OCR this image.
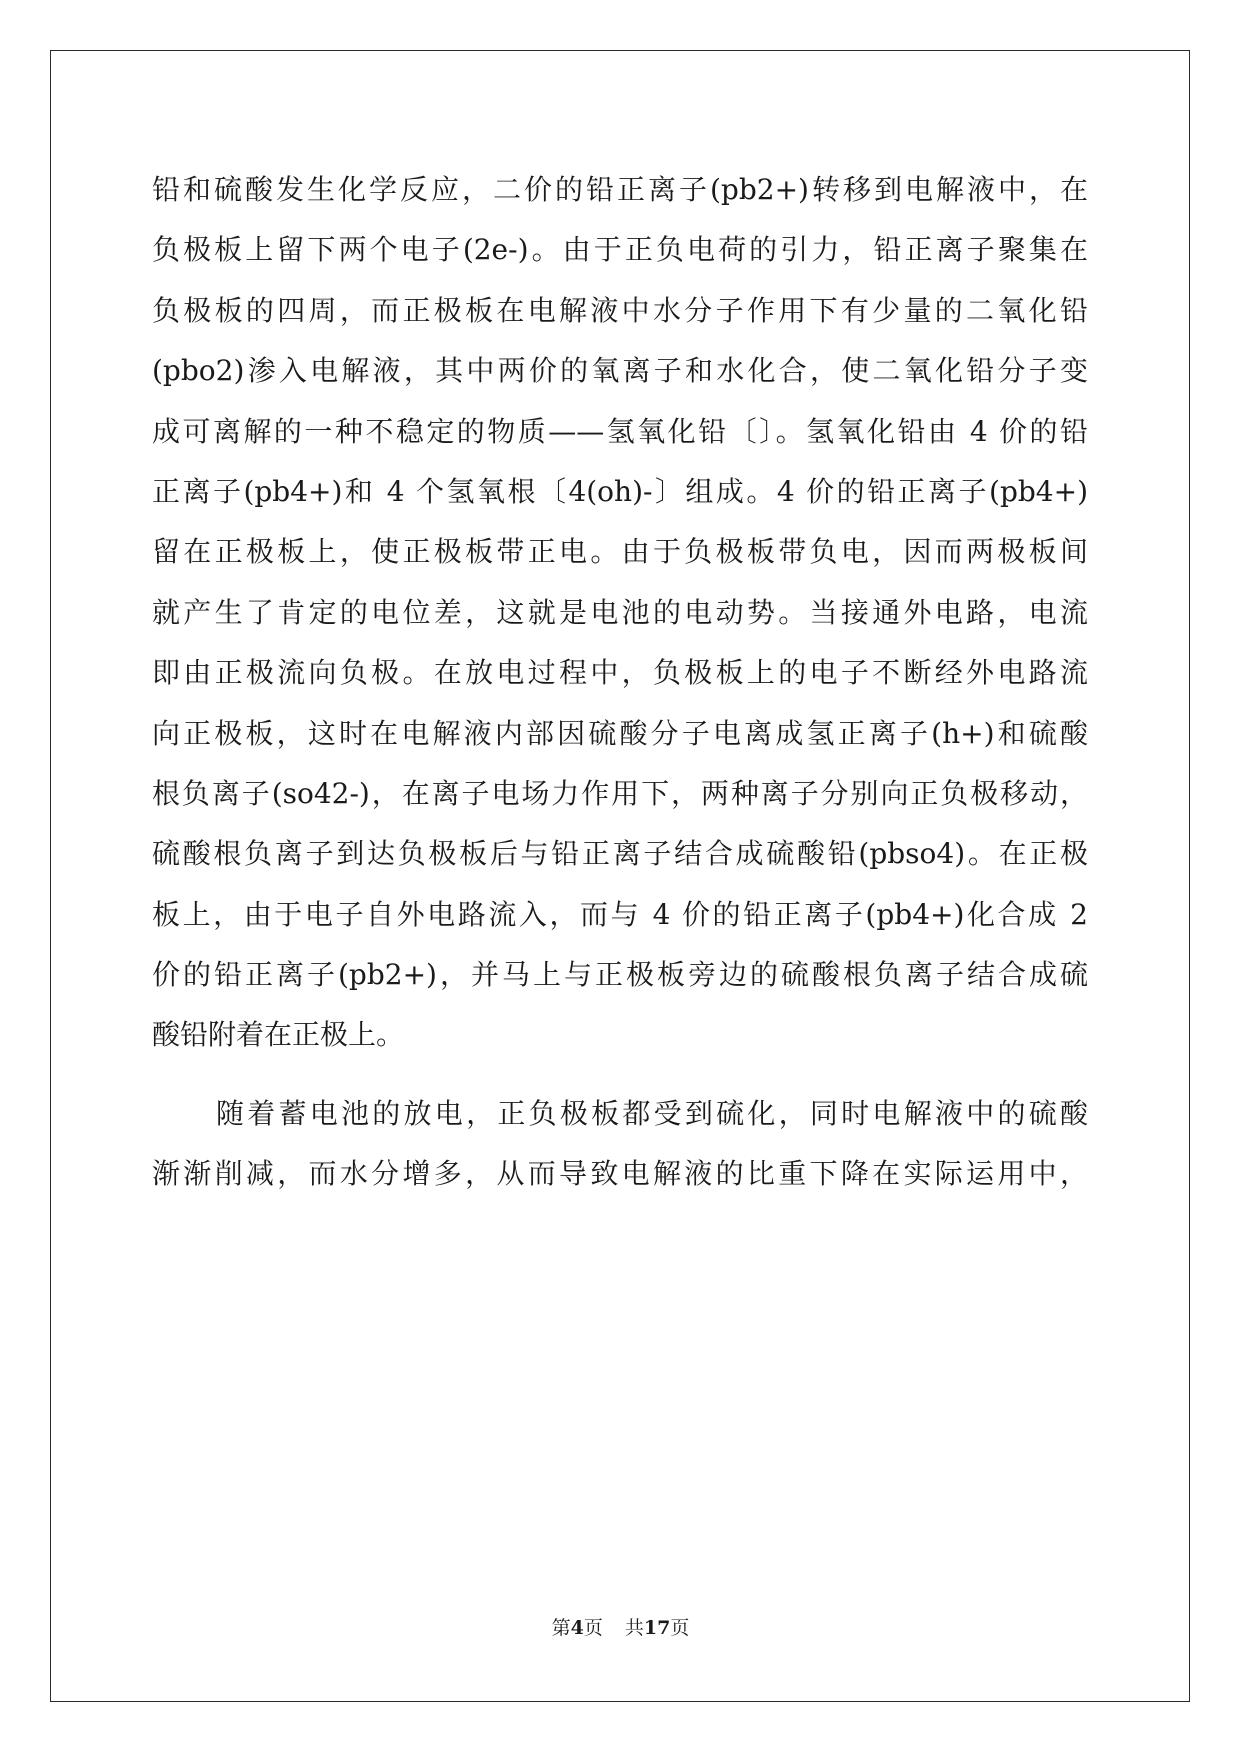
铅和硫酸发生化学反应，二价的铅正离子(pb2+)转移到电解液中，在
负极板上留下两个电子(2e-)。由于正负电荷的引力，铅正离子聚集在
负极板的四周，而正极板在电解液中水分子作用下有少量的二氧化铅
(pbo2)渗入电解液，其中两价的氧离子和水化合，使二氧化铅分子变
成可离解的一种不稳定的物质——氢氧化铅〔〕。氢氧化铅由 4 价的铅
正离子(pb4+)和 4 个氢氧根〔4(oh)-〕组成。4 价的铅正离子(pb4+)
留在正极板上，使正极板带正电。由于负极板带负电，因而两极板间
就产生了肯定的电位差，这就是电池的电动势。当接通外电路，电流
即由正极流向负极。在放电过程中，负极板上的电子不断经外电路流
向正极板，这时在电解液内部因硫酸分子电离成氢正离子(h+)和硫酸
根负离子(so42-)，在离子电场力作用下，两种离子分别向正负极移动，
硫酸根负离子到达负极板后与铅正离子结合成硫酸铅(pbso4)。在正极
板上，由于电子自外电路流入，而与 4 价的铅正离子(pb4+)化合成 2
价的铅正离子(pb2+)，并马上与正极板旁边的硫酸根负离子结合成硫
酸铅附着在正极上。
随着蓄电池的放电，正负极板都受到硫化，同时电解液中的硫酸
渐渐削减，而水分增多，从而导致电解液的比重下降在实际运用中，
第4页 共17页
